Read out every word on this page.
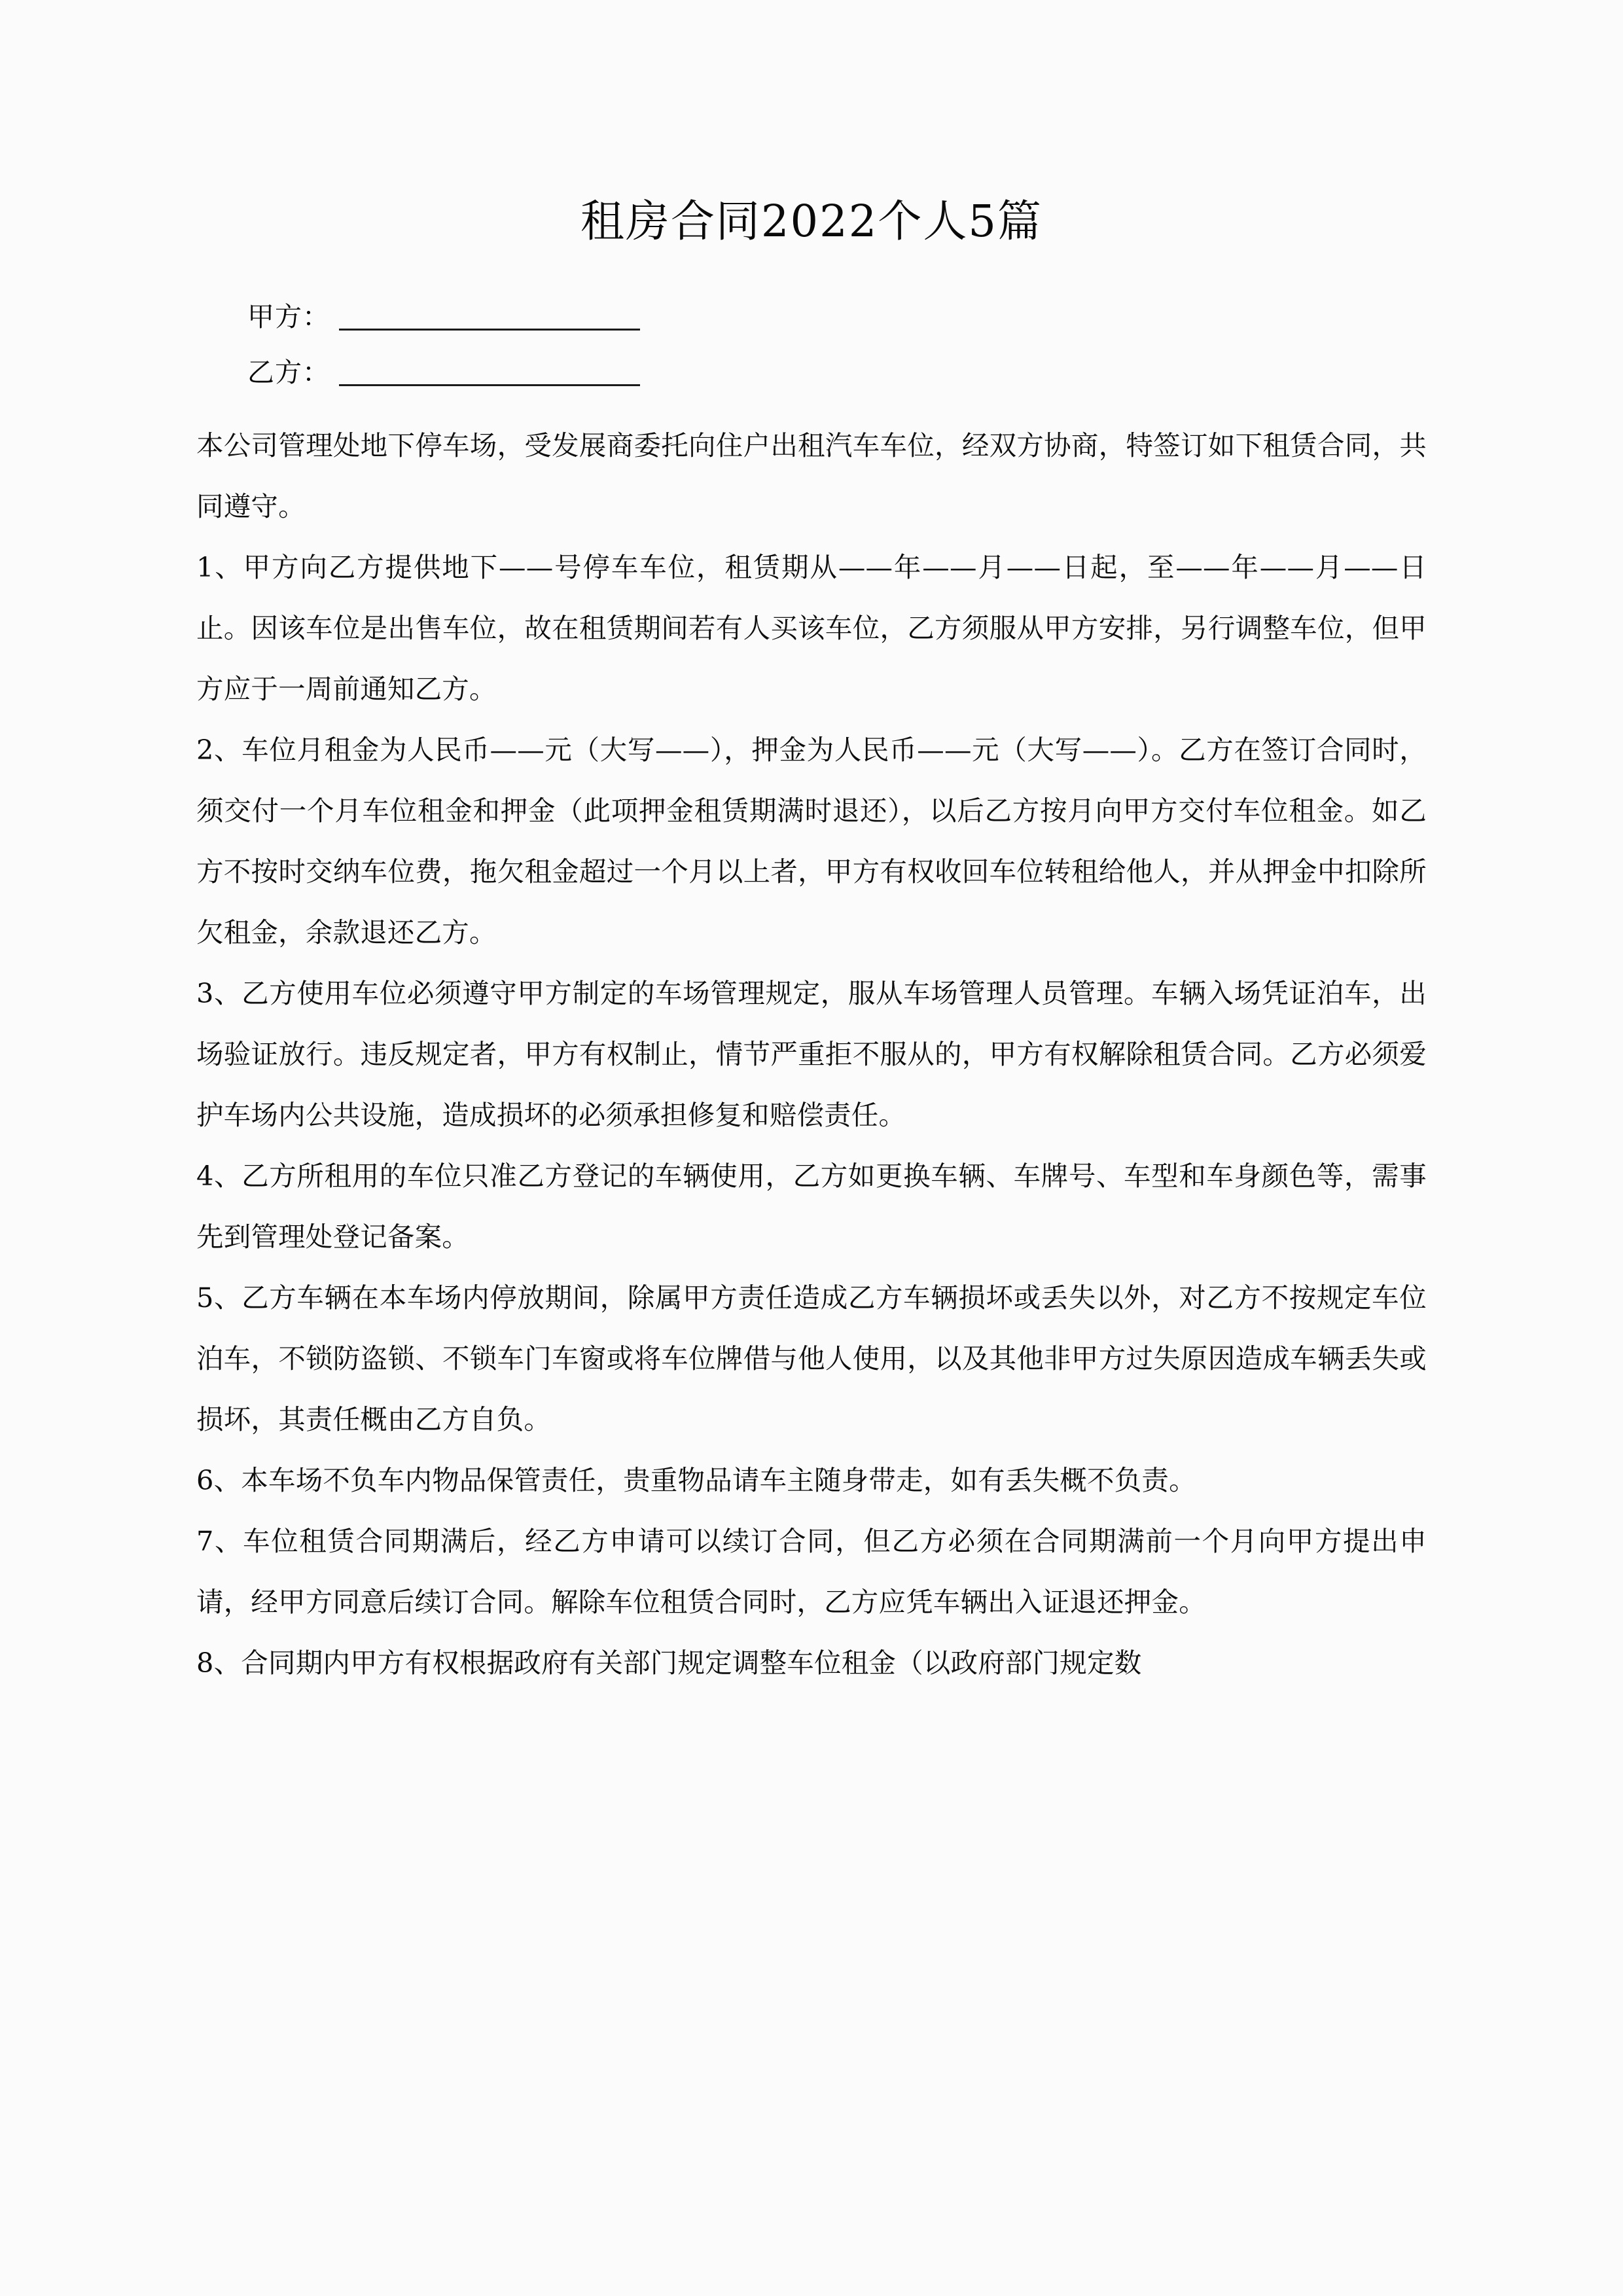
租房合同2022个人5篇
甲方：
乙方：

本公司管理处地下停车场，受发展商委托向住户出租汽车车位，经双方协商，特签订如下租赁合同，共同遵守。

1、甲方向乙方提供地下——号停车车位，租赁期从——年——月——日起，至——年——月——日止。因该车位是出售车位，故在租赁期间若有人买该车位，乙方须服从甲方安排，另行调整车位，但甲方应于一周前通知乙方。

2、车位月租金为人民币——元（大写——），押金为人民币——元（大写——）。乙方在签订合同时，须交付一个月车位租金和押金（此项押金租赁期满时退还），以后乙方按月向甲方交付车位租金。如乙方不按时交纳车位费，拖欠租金超过一个月以上者，甲方有权收回车位转租给他人，并从押金中扣除所欠租金，余款退还乙方。

3、乙方使用车位必须遵守甲方制定的车场管理规定，服从车场管理人员管理。车辆入场凭证泊车，出场验证放行。违反规定者，甲方有权制止，情节严重拒不服从的，甲方有权解除租赁合同。乙方必须爱护车场内公共设施，造成损坏的必须承担修复和赔偿责任。

4、乙方所租用的车位只准乙方登记的车辆使用，乙方如更换车辆、车牌号、车型和车身颜色等，需事先到管理处登记备案。

5、乙方车辆在本车场内停放期间，除属甲方责任造成乙方车辆损坏或丢失以外，对乙方不按规定车位泊车，不锁防盗锁、不锁车门车窗或将车位牌借与他人使用，以及其他非甲方过失原因造成车辆丢失或损坏，其责任概由乙方自负。

6、本车场不负车内物品保管责任，贵重物品请车主随身带走，如有丢失概不负责。

7、车位租赁合同期满后，经乙方申请可以续订合同，但乙方必须在合同期满前一个月向甲方提出申请，经甲方同意后续订合同。解除车位租赁合同时，乙方应凭车辆出入证退还押金。

8、合同期内甲方有权根据政府有关部门规定调整车位租金（以政府部门规定数
